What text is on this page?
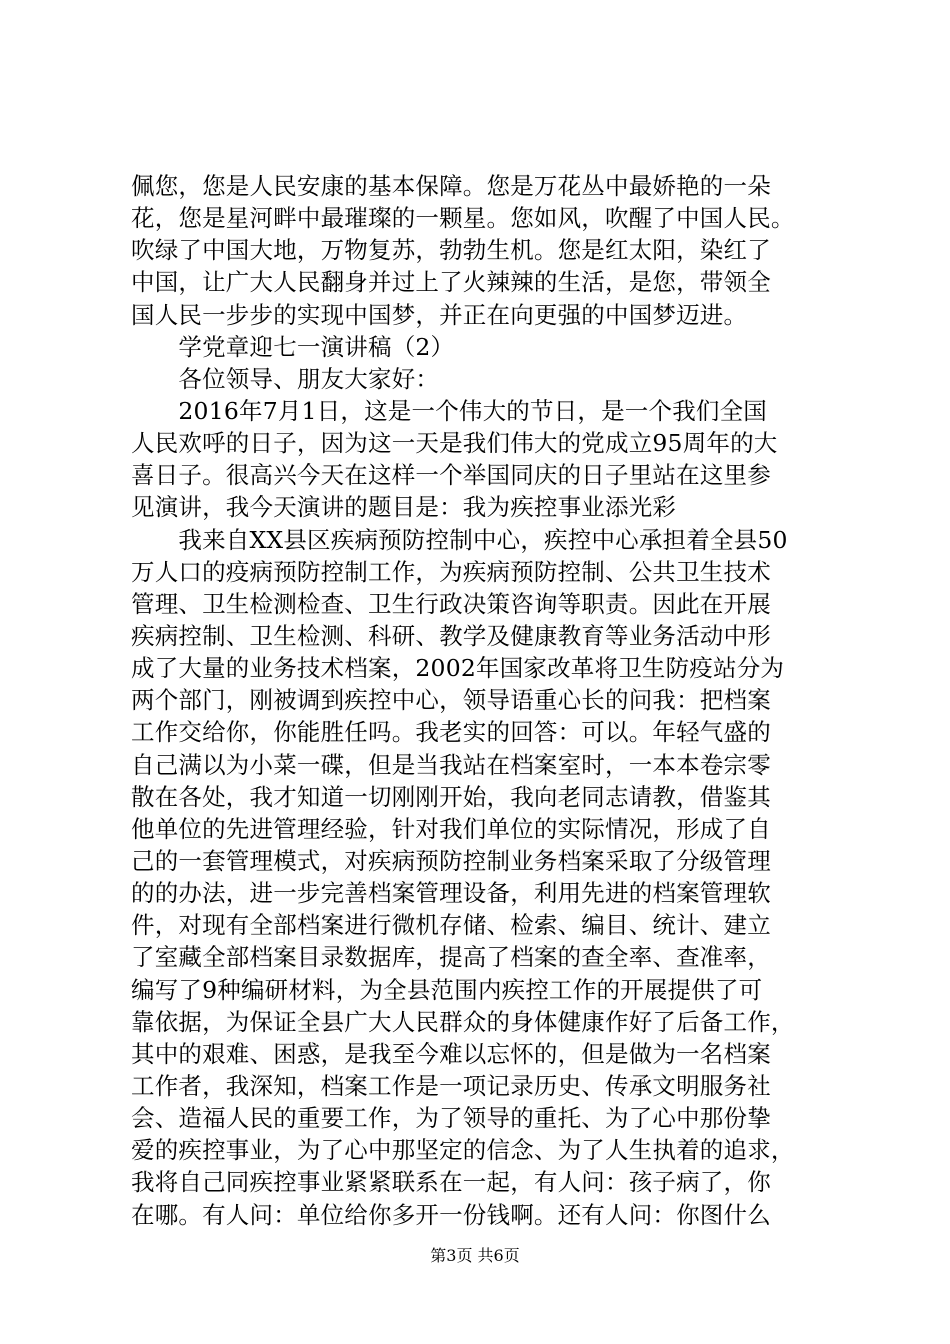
佩您，您是人民安康的基本保障。您是万花丛中最娇艳的一朵
花，您是星河畔中最璀璨的一颗星。您如风，吹醒了中国人民。
吹绿了中国大地，万物复苏，勃勃生机。您是红太阳，染红了
中国，让广大人民翻身并过上了火辣辣的生活，是您，带领全
国人民一步步的实现中国梦，并正在向更强的中国梦迈进。
　　学党章迎七一演讲稿（2）
　　各位领导、朋友大家好：
　　2016年7月1日，这是一个伟大的节日，是一个我们全国
人民欢呼的日子，因为这一天是我们伟大的党成立95周年的大
喜日子。很高兴今天在这样一个举国同庆的日子里站在这里参
见演讲，我今天演讲的题目是：我为疾控事业添光彩
　　我来自XX县区疾病预防控制中心，疾控中心承担着全县50
万人口的疫病预防控制工作，为疾病预防控制、公共卫生技术
管理、卫生检测检查、卫生行政决策咨询等职责。因此在开展
疾病控制、卫生检测、科研、教学及健康教育等业务活动中形
成了大量的业务技术档案，2002年国家改革将卫生防疫站分为
两个部门，刚被调到疾控中心，领导语重心长的问我：把档案
工作交给你，你能胜任吗。我老实的回答：可以。年轻气盛的
自己满以为小菜一碟，但是当我站在档案室时，一本本卷宗零
散在各处，我才知道一切刚刚开始，我向老同志请教，借鉴其
他单位的先进管理经验，针对我们单位的实际情况，形成了自
己的一套管理模式，对疾病预防控制业务档案采取了分级管理
的的办法，进一步完善档案管理设备，利用先进的档案管理软
件，对现有全部档案进行微机存储、检索、编目、统计、建立
了室藏全部档案目录数据库，提高了档案的查全率、查准率，
编写了9种编研材料，为全县范围内疾控工作的开展提供了可
靠依据，为保证全县广大人民群众的身体健康作好了后备工作，
其中的艰难、困惑，是我至今难以忘怀的，但是做为一名档案
工作者，我深知，档案工作是一项记录历史、传承文明服务社
会、造福人民的重要工作，为了领导的重托、为了心中那份挚
爱的疾控事业，为了心中那坚定的信念、为了人生执着的追求，
我将自己同疾控事业紧紧联系在一起，有人问：孩子病了，你
在哪。有人问：单位给你多开一份钱啊。还有人问：你图什么
第3页 共6页
